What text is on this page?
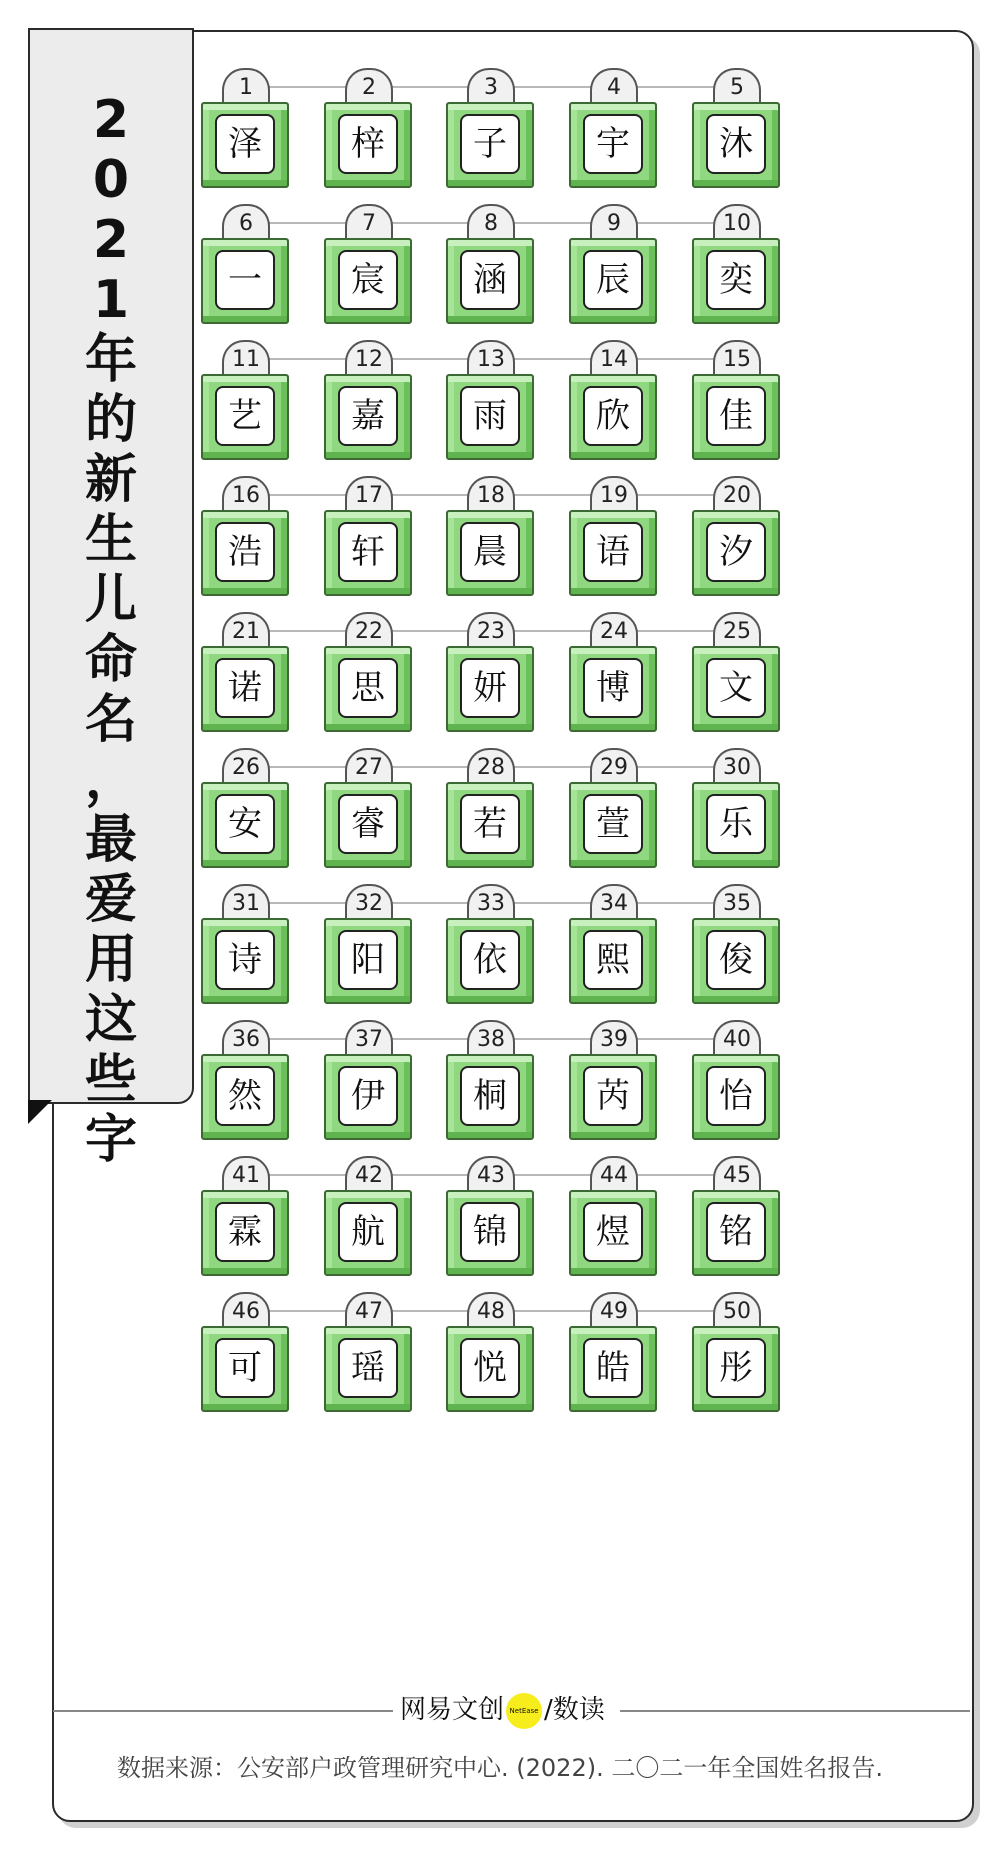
2
0
2
1
年
的
新
生
儿
命
名
，
最
爱
用
这
些
字
1
泽
2
梓
3
子
4
宇
5
沐
6
一
7
宸
8
涵
9
辰
10
奕
11
艺
12
嘉
13
雨
14
欣
15
佳
16
浩
17
轩
18
晨
19
语
20
汐
21
诺
22
思
23
妍
24
博
25
文
26
安
27
睿
28
若
29
萱
30
乐
31
诗
32
阳
33
依
34
熙
35
俊
36
然
37
伊
38
桐
39
芮
40
怡
41
霖
42
航
43
锦
44
煜
45
铭
46
可
47
瑶
48
悦
49
皓
50
彤
网易文创 NetEase /数读
数据来源：公安部户政管理研究中心. (2022). 二〇二一年全国姓名报告.
